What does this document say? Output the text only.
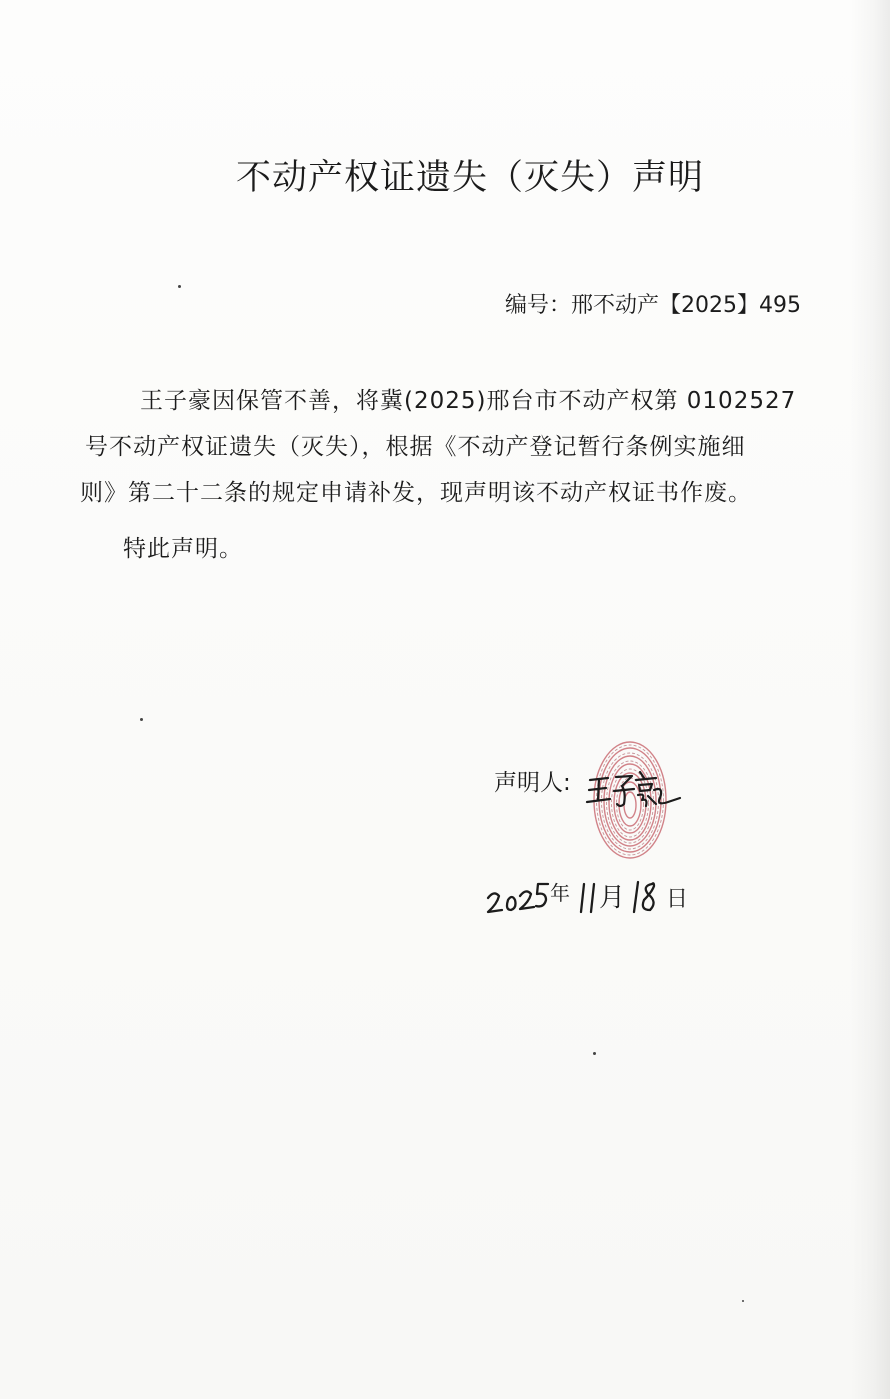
不动产权证遗失（灭失）声明
编号：邢不动产【2025】495
王子豪因保管不善，将冀(2025)邢台市不动产权第 0102527
号不动产权证遗失（灭失），根据《不动产登记暂行条例实施细
则》第二十二条的规定申请补发，现声明该不动产权证书作废。
特此声明。
声明人:
年 月 日
